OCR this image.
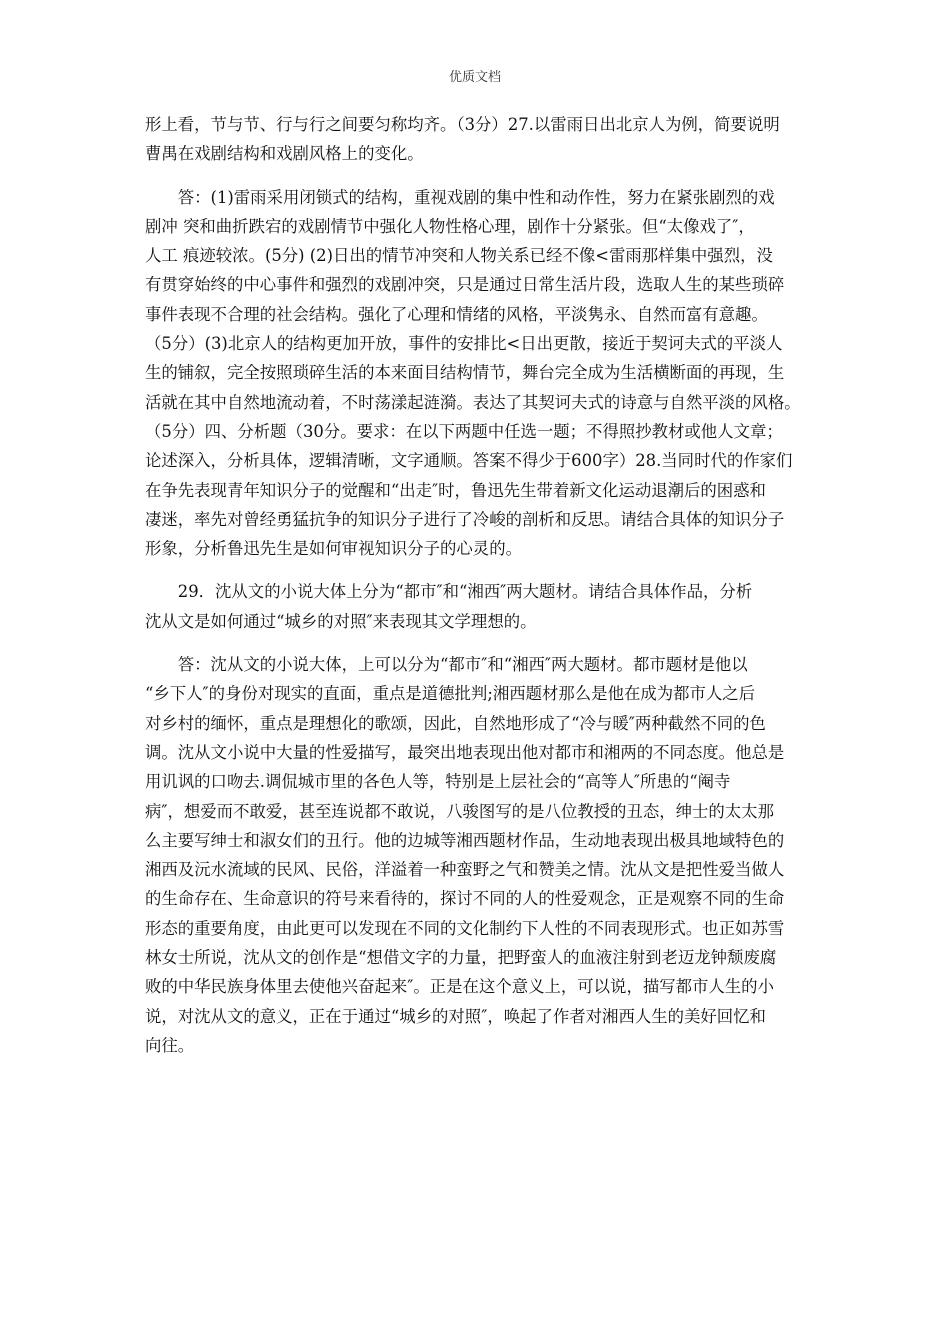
优质文档
形上看，节与节、行与行之间要匀称均齐。（3分）27.以雷雨日出北京人为例，简要说明
曹禺在戏剧结构和戏剧风格上的变化。
　　答：(1)雷雨采用闭锁式的结构，重视戏剧的集中性和动作性，努力在紧张剧烈的戏
剧冲 突和曲折跌宕的戏剧情节中强化人物性格心理，剧作十分紧张。但“太像戏了″，
人工 痕迹较浓。(5分) (2)日出的情节冲突和人物关系已经不像<雷雨那样集中强烈，没
有贯穿始终的中心事件和强烈的戏剧冲突，只是通过日常生活片段，选取人生的某些琐碎
事件表现不合理的社会结构。强化了心理和情绪的风格，平淡隽永、自然而富有意趣。
（5分）(3)北京人的结构更加开放，事件的安排比<日出更散，接近于契诃夫式的平淡人
生的铺叙，完全按照琐碎生活的本来面目结构情节，舞台完全成为生活横断面的再现，生
活就在其中自然地流动着，不时荡漾起涟漪。表达了其契诃夫式的诗意与自然平淡的风格。
（5分）四、分析题（30分。要求：在以下两题中任选一题；不得照抄教材或他人文章；
论述深入，分析具体，逻辑清晰，文字通顺。答案不得少于600字）28.当同时代的作家们
在争先表现青年知识分子的觉醒和“出走″时，鲁迅先生带着新文化运动退潮后的困惑和
凄迷，率先对曾经勇猛抗争的知识分子进行了冷峻的剖析和反思。请结合具体的知识分子
形象，分析鲁迅先生是如何审视知识分子的心灵的。
　　29．沈从文的小说大体上分为“都市″和“湘西″两大题材。请结合具体作品，分析
沈从文是如何通过“城乡的对照″来表现其文学理想的。
　　答：沈从文的小说大体，上可以分为“都市″和“湘西″两大题材。都市题材是他以
“乡下人″的身份对现实的直面，重点是道德批判;湘西题材那么是他在成为都市人之后
对乡村的缅怀，重点是理想化的歌颂，因此，自然地形成了“冷与暖″两种截然不同的色
调。沈从文小说中大量的性爱描写，最突出地表现出他对都市和湘两的不同态度。他总是
用讥讽的口吻去.调侃城市里的各色人等，特别是上层社会的“高等人″所患的“阉寺
病″，想爱而不敢爱，甚至连说都不敢说，八骏图写的是八位教授的丑态，绅士的太太那
么主要写绅士和淑女们的丑行。他的边城等湘西题材作品，生动地表现出极具地域特色的
湘西及沅水流域的民风、民俗，洋溢着一种蛮野之气和赞美之情。沈从文是把性爱当做人
的生命存在、生命意识的符号来看待的，探讨不同的人的性爱观念，正是观察不同的生命
形态的重要角度，由此更可以发现在不同的文化制约下人性的不同表现形式。也正如苏雪
林女士所说，沈从文的创作是“想借文字的力量，把野蛮人的血液注射到老迈龙钟颓废腐
败的中华民族身体里去使他兴奋起来″。正是在这个意义上，可以说，描写都市人生的小
说，对沈从文的意义，正在于通过“城乡的对照″，唤起了作者对湘西人生的美好回忆和
向往。
